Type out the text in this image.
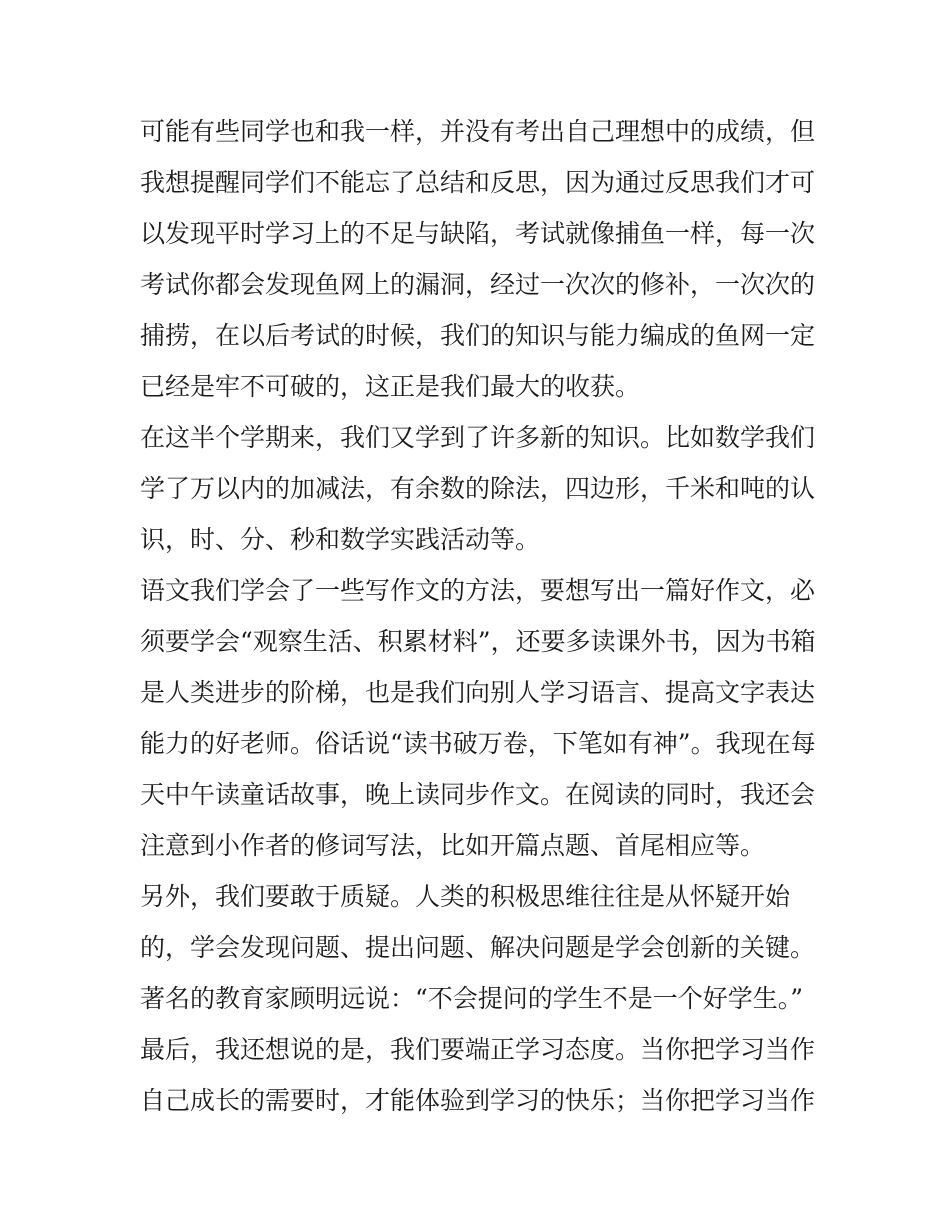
可能有些同学也和我一样，并没有考出自己理想中的成绩，但

我想提醒同学们不能忘了总结和反思，因为通过反思我们才可

以发现平时学习上的不足与缺陷，考试就像捕鱼一样，每一次

考试你都会发现鱼网上的漏洞，经过一次次的修补，一次次的

捕捞，在以后考试的时候，我们的知识与能力编成的鱼网一定

已经是牢不可破的，这正是我们最大的收获。

在这半个学期来，我们又学到了许多新的知识。比如数学我们

学了万以内的加减法，有余数的除法，四边形，千米和吨的认

识，时、分、秒和数学实践活动等。

语文我们学会了一些写作文的方法，要想写出一篇好作文，必

须要学会“观察生活、积累材料”，还要多读课外书，因为书箱

是人类进步的阶梯，也是我们向别人学习语言、提高文字表达

能力的好老师。俗话说“读书破万卷，下笔如有神”。我现在每

天中午读童话故事，晚上读同步作文。在阅读的同时，我还会

注意到小作者的修词写法，比如开篇点题、首尾相应等。

另外，我们要敢于质疑。人类的积极思维往往是从怀疑开始

的，学会发现问题、提出问题、解决问题是学会创新的关键。

著名的教育家顾明远说：“不会提问的学生不是一个好学生。”

最后，我还想说的是，我们要端正学习态度。当你把学习当作

自己成长的需要时，才能体验到学习的快乐；当你把学习当作
